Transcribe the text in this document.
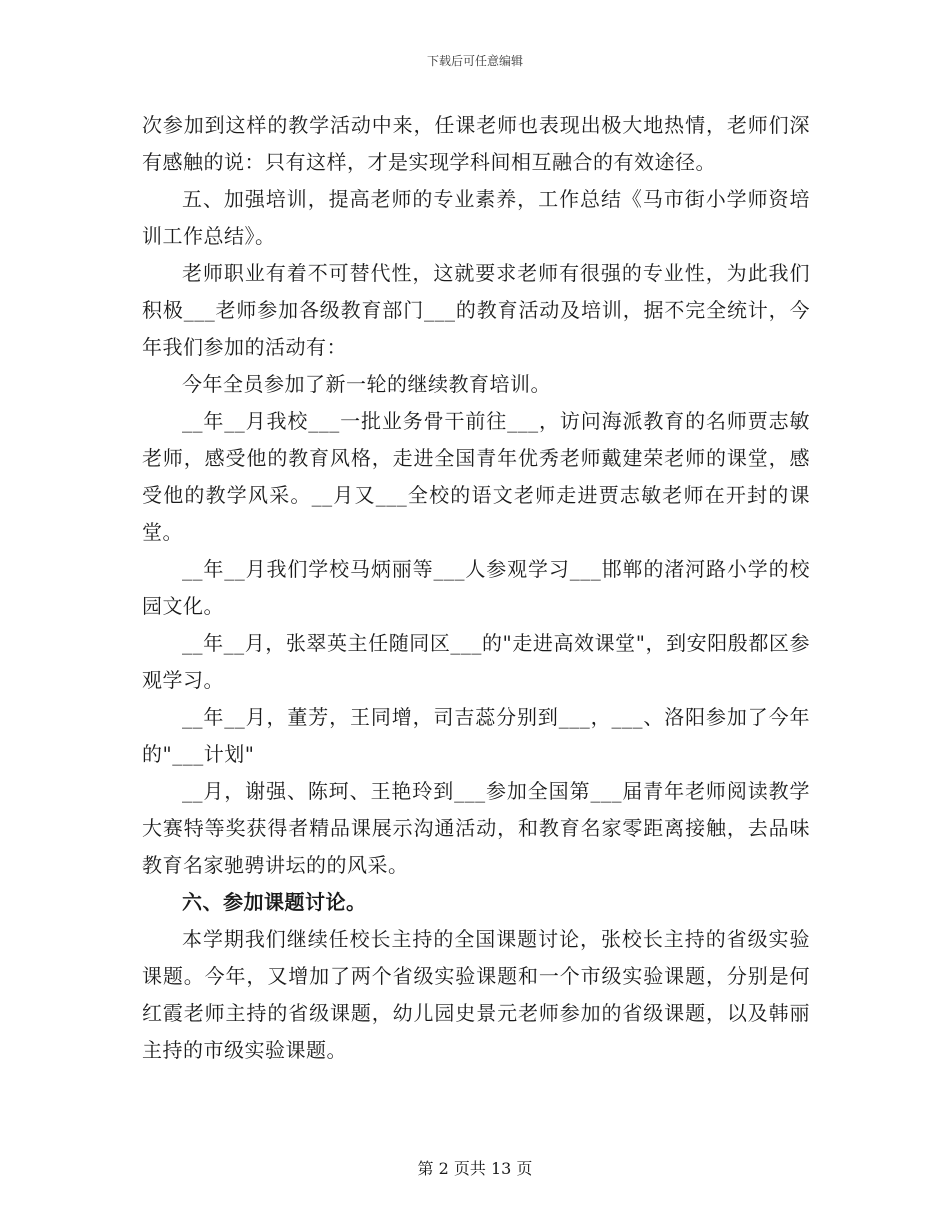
下载后可任意编辑

次参加到这样的教学活动中来，任课老师也表现出极大地热情，老师们深有感触的说：只有这样，才是实现学科间相互融合的有效途径。

五、加强培训，提高老师的专业素养，工作总结《马市街小学师资培训工作总结》。

老师职业有着不可替代性，这就要求老师有很强的专业性，为此我们积极___老师参加各级教育部门___的教育活动及培训，据不完全统计，今年我们参加的活动有：

今年全员参加了新一轮的继续教育培训。

__年__月我校___一批业务骨干前往___，访问海派教育的名师贾志敏老师，感受他的教育风格，走进全国青年优秀老师戴建荣老师的课堂，感受他的教学风采。__月又___全校的语文老师走进贾志敏老师在开封的课堂。

__年__月我们学校马炳丽等___人参观学习___邯郸的渚河路小学的校园文化。

__年__月，张翠英主任随同区___的"走进高效课堂"，到安阳殷都区参观学习。

__年__月，董芳，王同增，司吉蕊分别到___，___、洛阳参加了今年的"___计划"

__月，谢强、陈珂、王艳玲到___参加全国第___届青年老师阅读教学大赛特等奖获得者精品课展示沟通活动，和教育名家零距离接触，去品味教育名家驰骋讲坛的的风采。

六、参加课题讨论。

本学期我们继续任校长主持的全国课题讨论，张校长主持的省级实验课题。今年，又增加了两个省级实验课题和一个市级实验课题，分别是何红霞老师主持的省级课题，幼儿园史景元老师参加的省级课题，以及韩丽主持的市级实验课题。

第 2 页共 13 页
